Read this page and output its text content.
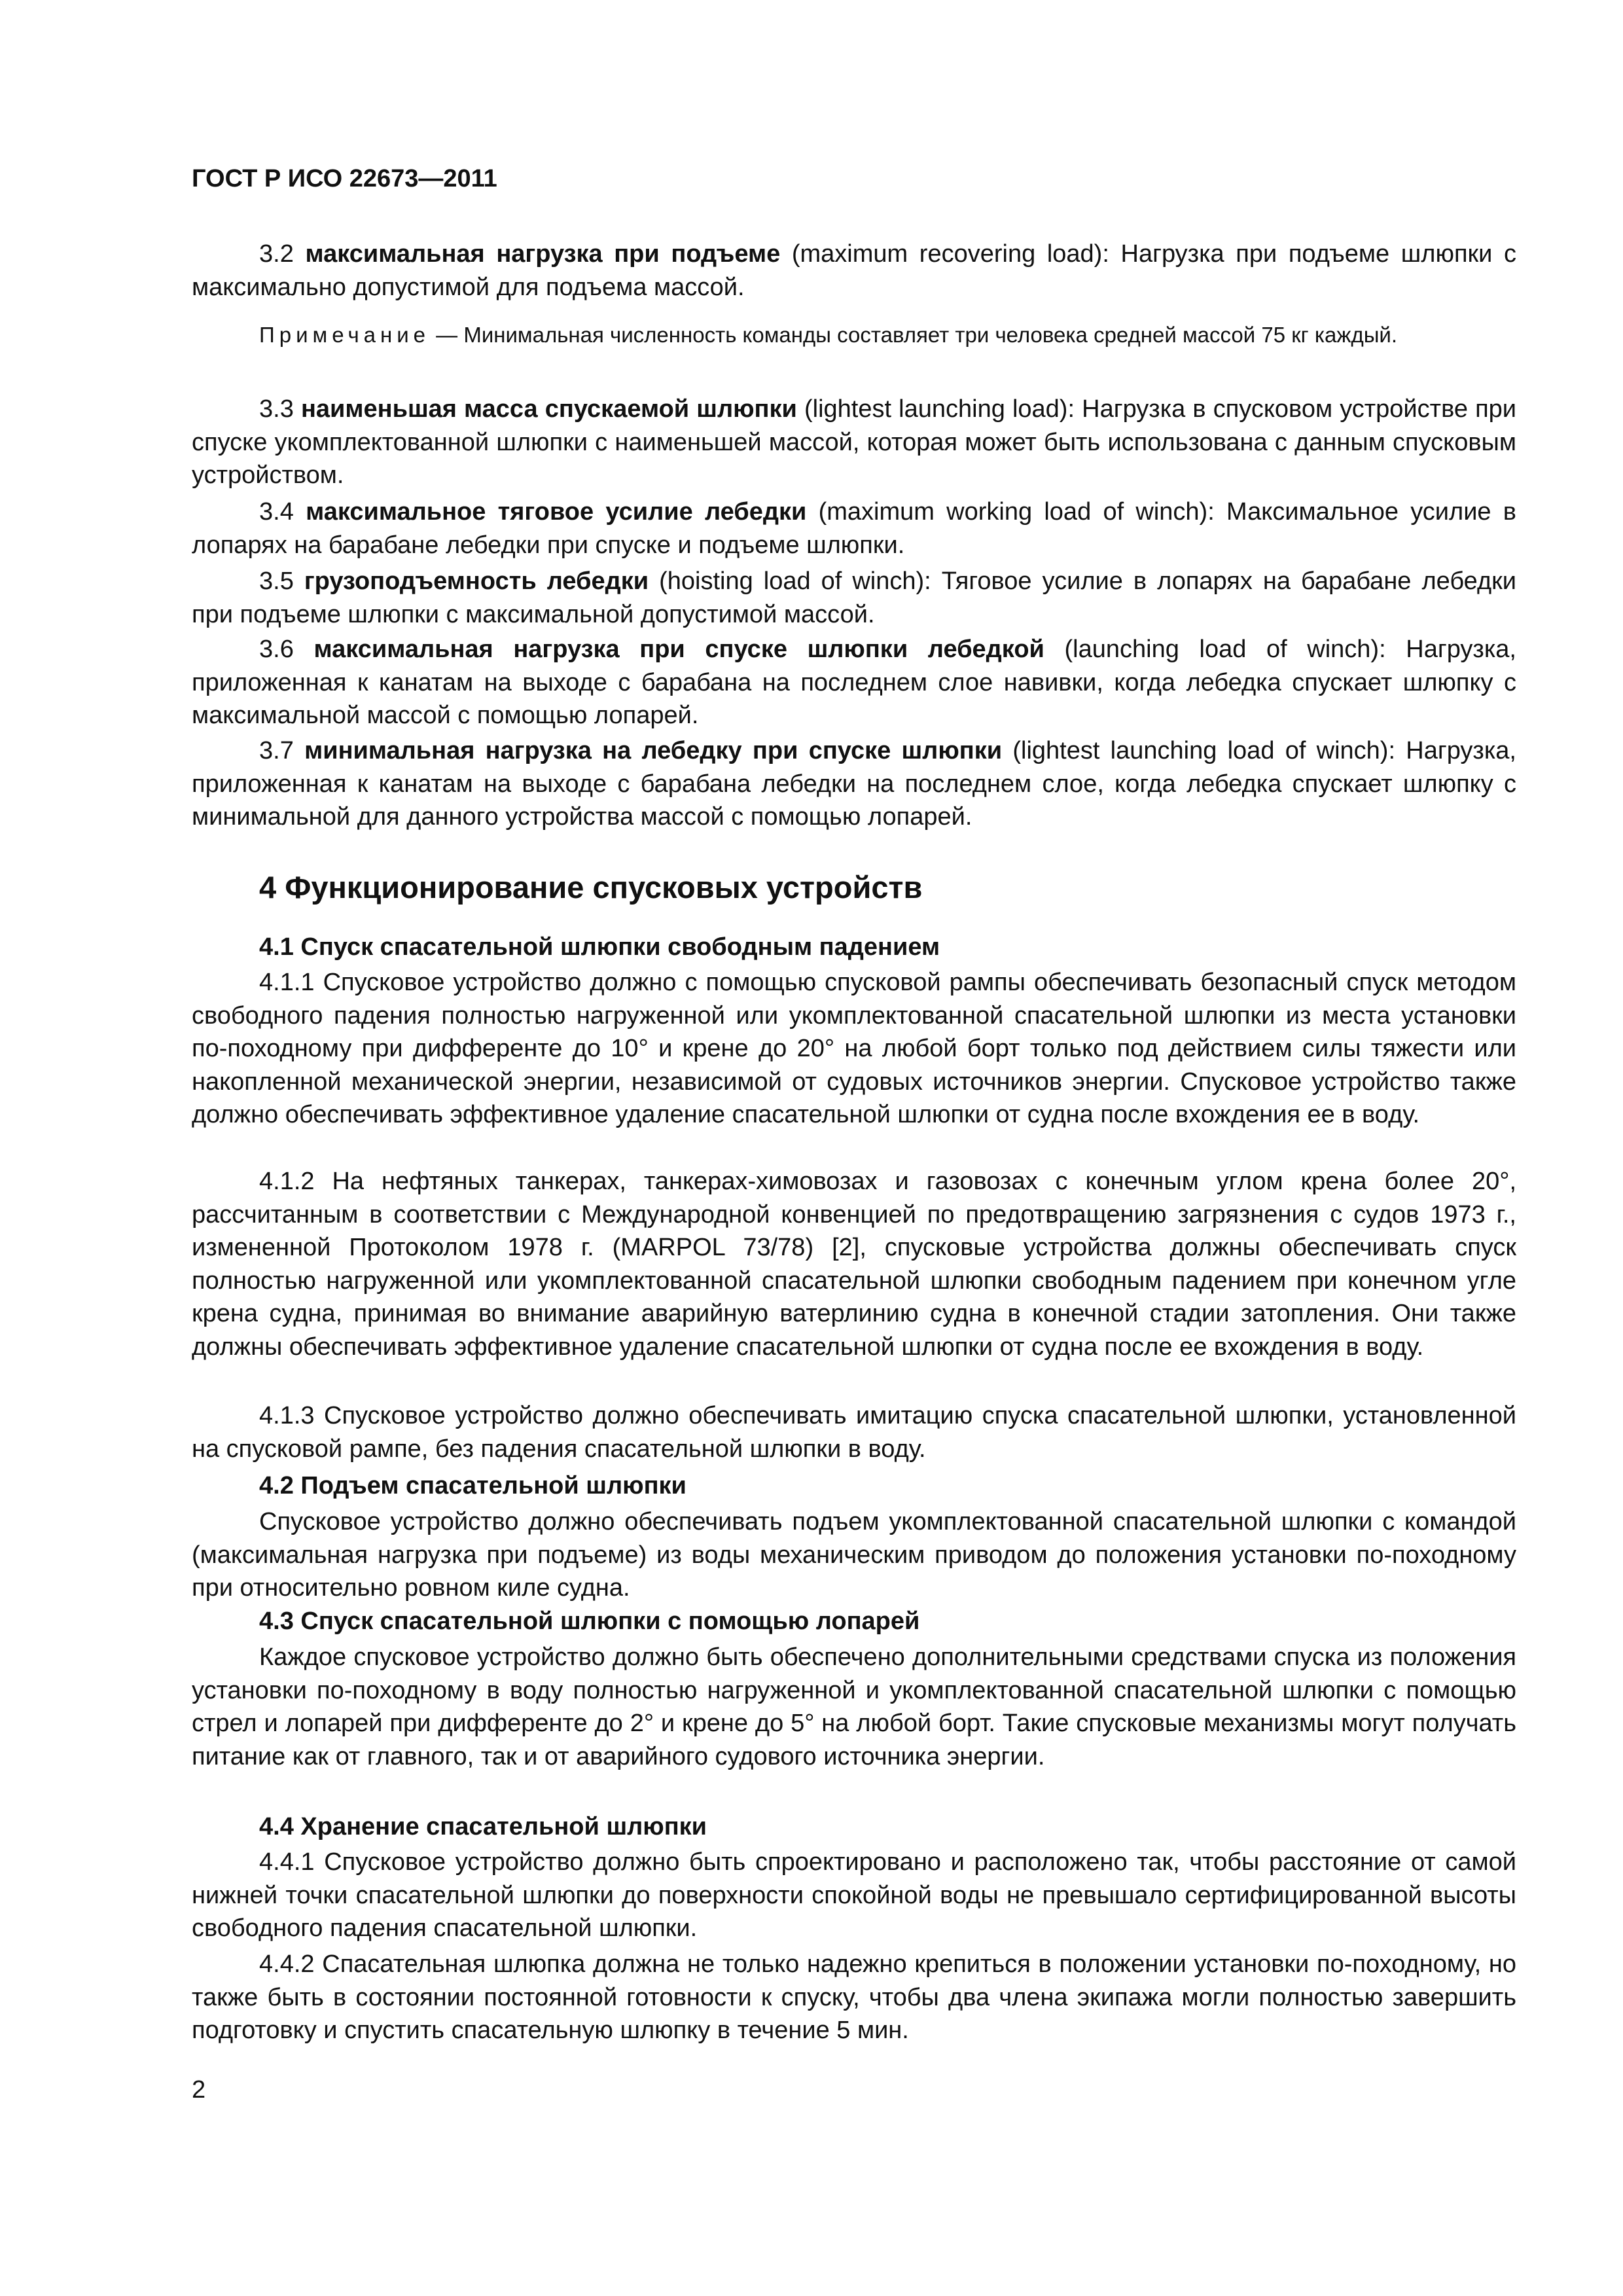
ГОСТ Р ИСО 22673—2011

3.2 максимальная нагрузка при подъеме (maximum recovering load): Нагрузка при подъеме шлюпки с максимально допустимой для подъема массой.

Примечание — Минимальная численность команды составляет три человека средней массой 75 кг каждый.

3.3 наименьшая масса спускаемой шлюпки (lightest launching load): Нагрузка в спусковом устройстве при спуске укомплектованной шлюпки с наименьшей массой, которая может быть использована с данным спусковым устройством.

3.4 максимальное тяговое усилие лебедки (maximum working load of winch): Максимальное усилие в лопарях на барабане лебедки при спуске и подъеме шлюпки.

3.5 грузоподъемность лебедки (hoisting load of winch): Тяговое усилие в лопарях на барабане лебедки при подъеме шлюпки с максимальной допустимой массой.

3.6 максимальная нагрузка при спуске шлюпки лебедкой (launching load of winch): Нагрузка, приложенная к канатам на выходе с барабана на последнем слое навивки, когда лебедка спускает шлюпку с максимальной массой с помощью лопарей.

3.7 минимальная нагрузка на лебедку при спуске шлюпки (lightest launching load of winch): Нагрузка, приложенная к канатам на выходе с барабана лебедки на последнем слое, когда лебедка спускает шлюпку с минимальной для данного устройства массой с помощью лопарей.

4 Функционирование спусковых устройств
4.1 Спуск спасательной шлюпки свободным падением

4.1.1 Спусковое устройство должно с помощью спусковой рампы обеспечивать безопасный спуск методом свободного падения полностью нагруженной или укомплектованной спасательной шлюпки из места установки по-походному при дифференте до 10° и крене до 20° на любой борт только под действием силы тяжести или накопленной механической энергии, независимой от судовых источников энергии. Спусковое устройство также должно обеспечивать эффективное удаление спасательной шлюпки от судна после вхождения ее в воду.

4.1.2 На нефтяных танкерах, танкерах-химовозах и газовозах с конечным углом крена более 20°, рассчитанным в соответствии с Международной конвенцией по предотвращению загрязнения с судов 1973 г., измененной Протоколом 1978 г. (MARPOL 73/78) [2], спусковые устройства должны обеспечивать спуск полностью нагруженной или укомплектованной спасательной шлюпки свободным падением при конечном угле крена судна, принимая во внимание аварийную ватерлинию судна в конечной стадии затопления. Они также должны обеспечивать эффективное удаление спасательной шлюпки от судна после ее вхождения в воду.

4.1.3 Спусковое устройство должно обеспечивать имитацию спуска спасательной шлюпки, установленной на спусковой рампе, без падения спасательной шлюпки в воду.

4.2 Подъем спасательной шлюпки

Спусковое устройство должно обеспечивать подъем укомплектованной спасательной шлюпки с командой (максимальная нагрузка при подъеме) из воды механическим приводом до положения установки по-походному при относительно ровном киле судна.

4.3 Спуск спасательной шлюпки с помощью лопарей

Каждое спусковое устройство должно быть обеспечено дополнительными средствами спуска из положения установки по-походному в воду полностью нагруженной и укомплектованной спасательной шлюпки с помощью стрел и лопарей при дифференте до 2° и крене до 5° на любой борт. Такие спусковые механизмы могут получать питание как от главного, так и от аварийного судового источника энергии.

4.4 Хранение спасательной шлюпки

4.4.1 Спусковое устройство должно быть спроектировано и расположено так, чтобы расстояние от самой нижней точки спасательной шлюпки до поверхности спокойной воды не превышало сертифицированной высоты свободного падения спасательной шлюпки.

4.4.2 Спасательная шлюпка должна не только надежно крепиться в положении установки по-походному, но также быть в состоянии постоянной готовности к спуску, чтобы два члена экипажа могли полностью завершить подготовку и спустить спасательную шлюпку в течение 5 мин.

2
